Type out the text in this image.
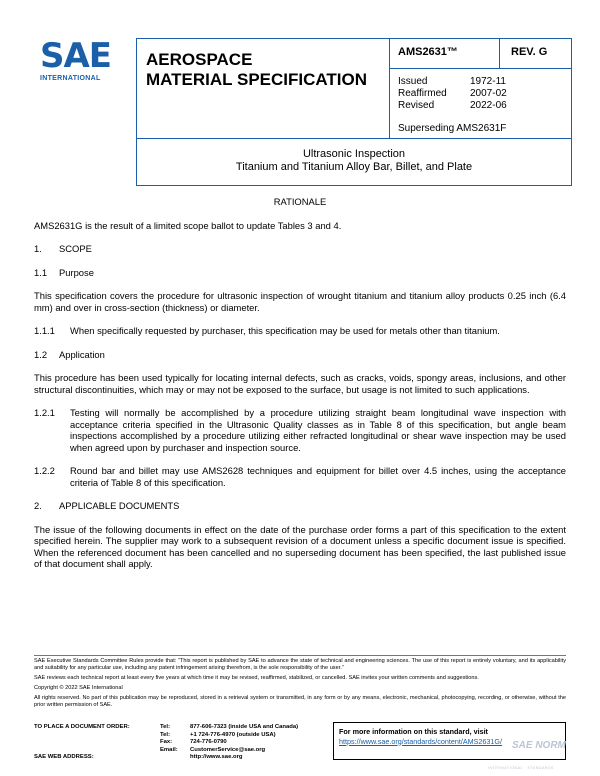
SAE
INTERNATIONAL
AEROSPACE
MATERIAL SPECIFICATION
AMS2631™	REV. G
Issued	1972-11
Reaffirmed	2007-02
Revised	2022-06
Superseding AMS2631F
Ultrasonic Inspection
Titanium and Titanium Alloy Bar, Billet, and Plate

RATIONALE

AMS2631G is the result of a limited scope ballot to update Tables 3 and 4.

1. SCOPE

1.1 Purpose

This specification covers the procedure for ultrasonic inspection of wrought titanium and titanium alloy products 0.25 inch (6.4 mm) and over in cross-section (thickness) or diameter.

1.1.1	When specifically requested by purchaser, this specification may be used for metals other than titanium.

1.2 Application

This procedure has been used typically for locating internal defects, such as cracks, voids, spongy areas, inclusions, and other structural discontinuities, which may or may not be exposed to the surface, but usage is not limited to such applications.

1.2.1	Testing will normally be accomplished by a procedure utilizing straight beam longitudinal wave inspection with acceptance criteria specified in the Ultrasonic Quality classes as in Table 8 of this specification, but angle beam inspections accomplished by a procedure utilizing either refracted longitudinal or shear wave inspection may be used when agreed upon by purchaser and inspection source.
1.2.2	Round bar and billet may use AMS2628 techniques and equipment for billet over 4.5 inches, using the acceptance criteria of Table 8 of this specification.

2. APPLICABLE DOCUMENTS

The issue of the following documents in effect on the date of the purchase order forms a part of this specification to the extent specified herein. The supplier may work to a subsequent revision of a document unless a specific document issue is specified. When the referenced document has been cancelled and no superseding document has been specified, the last published issue of that document shall apply.

SAE Executive Standards Committee Rules provide that: “This report is published by SAE to advance the state of technical and engineering sciences. The use of this report is entirely voluntary, and its applicability and suitability for any particular use, including any patent infringement arising therefrom, is the sole responsibility of the user.”

SAE reviews each technical report at least every five years at which time it may be revised, reaffirmed, stabilized, or cancelled. SAE invites your written comments and suggestions.

Copyright © 2022 SAE International

All rights reserved. No part of this publication may be reproduced, stored in a retrieval system or transmitted, in any form or by any means, electronic, mechanical, photocopying, recording, or otherwise, without the prior written permission of SAE.

TO PLACE A DOCUMENT ORDER:	Tel:	877-606-7323 (inside USA and Canada)
Tel:	+1 724-776-4970 (outside USA)
Fax:	724-776-0790
Email:	CustomerService@sae.org
SAE WEB ADDRESS:	http://www.sae.org
For more information on this standard, visit
https://www.sae.org/standards/content/AMS2631G/ SAE NORM
INTERNATIONAL · STANDARDS
